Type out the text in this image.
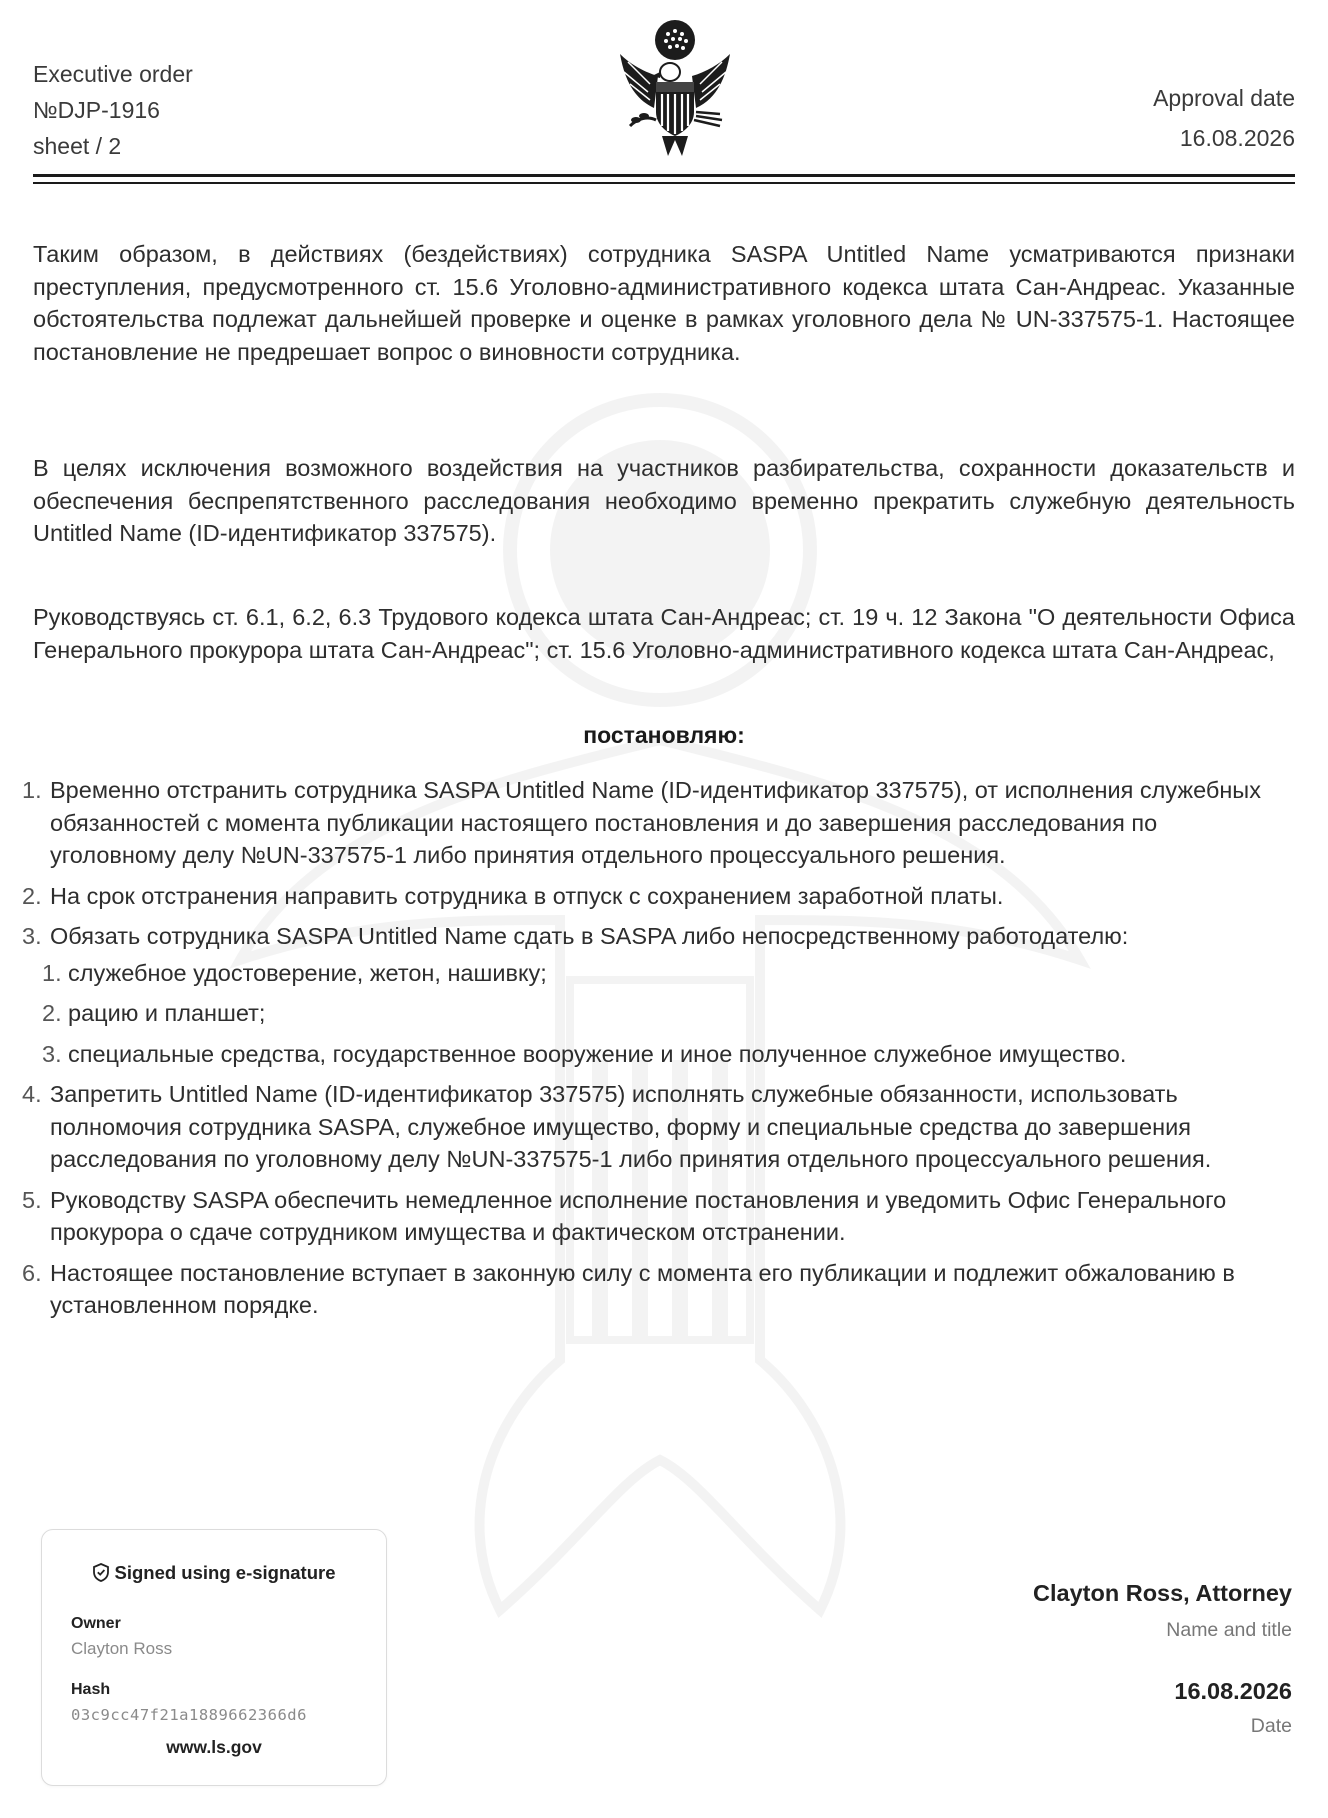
Executive order
№DJP-1916
sheet / 2
Approval date
16.08.2026

Таким образом, в действиях (бездействиях) сотрудника SASPA Untitled Name усматриваются признаки преступления, предусмотренного ст. 15.6 Уголовно-административного кодекса штата Сан-Андреас. Указанные обстоятельства подлежат дальнейшей проверке и оценке в рамках уголовного дела № UN-337575-1. Настоящее постановление не предрешает вопрос о виновности сотрудника.

В целях исключения возможного воздействия на участников разбирательства, сохранности доказательств и обеспечения беспрепятственного расследования необходимо временно прекратить служебную деятельность Untitled Name (ID-идентификатор 337575).

Руководствуясь ст. 6.1, 6.2, 6.3 Трудового кодекса штата Сан-Андреас; ст. 19 ч. 12 Закона "О деятельности Офиса Генерального прокурора штата Сан-Андреас"; ст. 15.6 Уголовно-административного кодекса штата Сан-Андреас,

постановляю:
1. Временно отстранить сотрудника SASPA Untitled Name (ID-идентификатор 337575), от исполнения служебных обязанностей с момента публикации настоящего постановления и до завершения расследования по уголовному делу №UN-337575-1 либо принятия отдельного процессуального решения.
2. На срок отстранения направить сотрудника в отпуск с сохранением заработной платы.
3. Обязать сотрудника SASPA Untitled Name сдать в SASPA либо непосредственному работодателю:
1. служебное удостоверение, жетон, нашивку;
2. рацию и планшет;
3. специальные средства, государственное вооружение и иное полученное служебное имущество.
4. Запретить Untitled Name (ID-идентификатор 337575) исполнять служебные обязанности, использовать полномочия сотрудника SASPA, служебное имущество, форму и специальные средства до завершения расследования по уголовному делу №UN-337575-1 либо принятия отдельного процессуального решения.
5. Руководству SASPA обеспечить немедленное исполнение постановления и уведомить Офис Генерального прокурора о сдаче сотрудником имущества и фактическом отстранении.
6. Настоящее постановление вступает в законную силу с момента его публикации и подлежит обжалованию в установленном порядке.
Signed using e-signature
Owner
Clayton Ross
Hash
03c9cc47f21a1889662366d6
www.ls.gov
Clayton Ross, Attorney
Name and title
16.08.2026
Date
